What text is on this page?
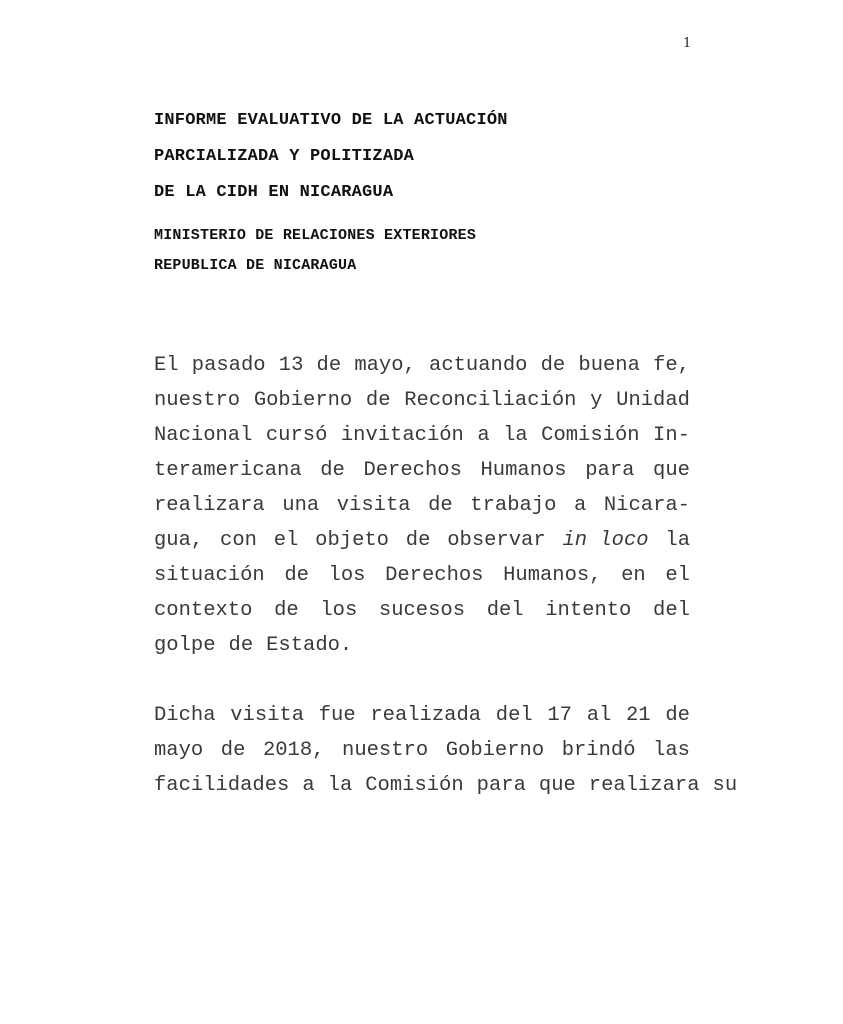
1
INFORME EVALUATIVO DE LA ACTUACIÓN
PARCIALIZADA Y POLITIZADA
DE LA CIDH EN NICARAGUA
MINISTERIO DE RELACIONES EXTERIORES
REPUBLICA DE NICARAGUA
El pasado 13 de mayo, actuando de buena fe,
nuestro Gobierno de Reconciliación y Unidad
Nacional cursó invitación a la Comisión In-
teramericana de Derechos Humanos para que
realizara una visita de trabajo a Nicara-
gua, con el objeto de observar in loco la
situación de los Derechos Humanos, en el
contexto de los sucesos del intento del
golpe de Estado.
Dicha visita fue realizada del 17 al 21 de
mayo de 2018, nuestro Gobierno brindó las
facilidades a la Comisión para que realizara su
